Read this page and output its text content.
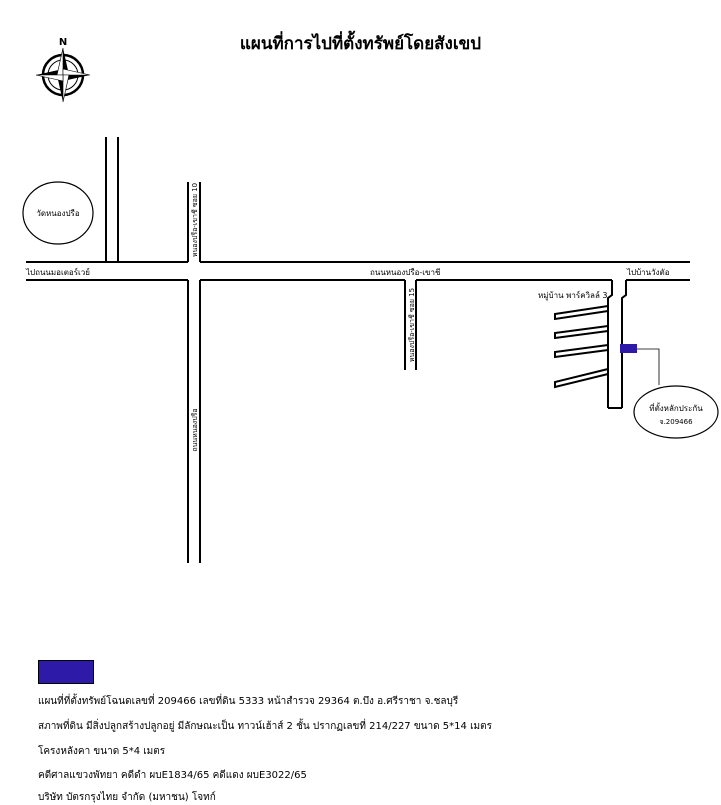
แผนที่การไปที่ตั้งทรัพย์โดยสังเขป
N
วัดหนองปรือ
ที่ตั้งหลักประกัน
จ.209466
ไปถนนมอเตอร์เวย์	ถนนหนองปรือ-เขาชี	ไปบ้านวังตัอ
หมู่บ้าน พาร์ควิลล์ 3
หนองปรือ-เขาชี ซอย 10
หนองปรือ-เขาชี ซอย 15
ถนนหนองปรือ
แผนที่ที่ตั้งทรัพย์โฉนดเลขที่ 209466 เลขที่ดิน 5333 หน้าสำรวจ 29364 ต.บึง อ.ศรีราชา จ.ชลบุรี
สภาพที่ดิน มีสิ่งปลูกสร้างปลูกอยู่ มีลักษณะเป็น ทาวน์เฮ้าส์ 2 ชั้น ปรากฏเลขที่ 214/227 ขนาด 5*14 เมตร
โครงหลังคา ขนาด 5*4 เมตร
คดีศาลแขวงพัทยา คดีดำ ผบE1834/65 คดีแดง ผบE3022/65
บริษัท บัตรกรุงไทย จำกัด (มหาชน) โจทก์
